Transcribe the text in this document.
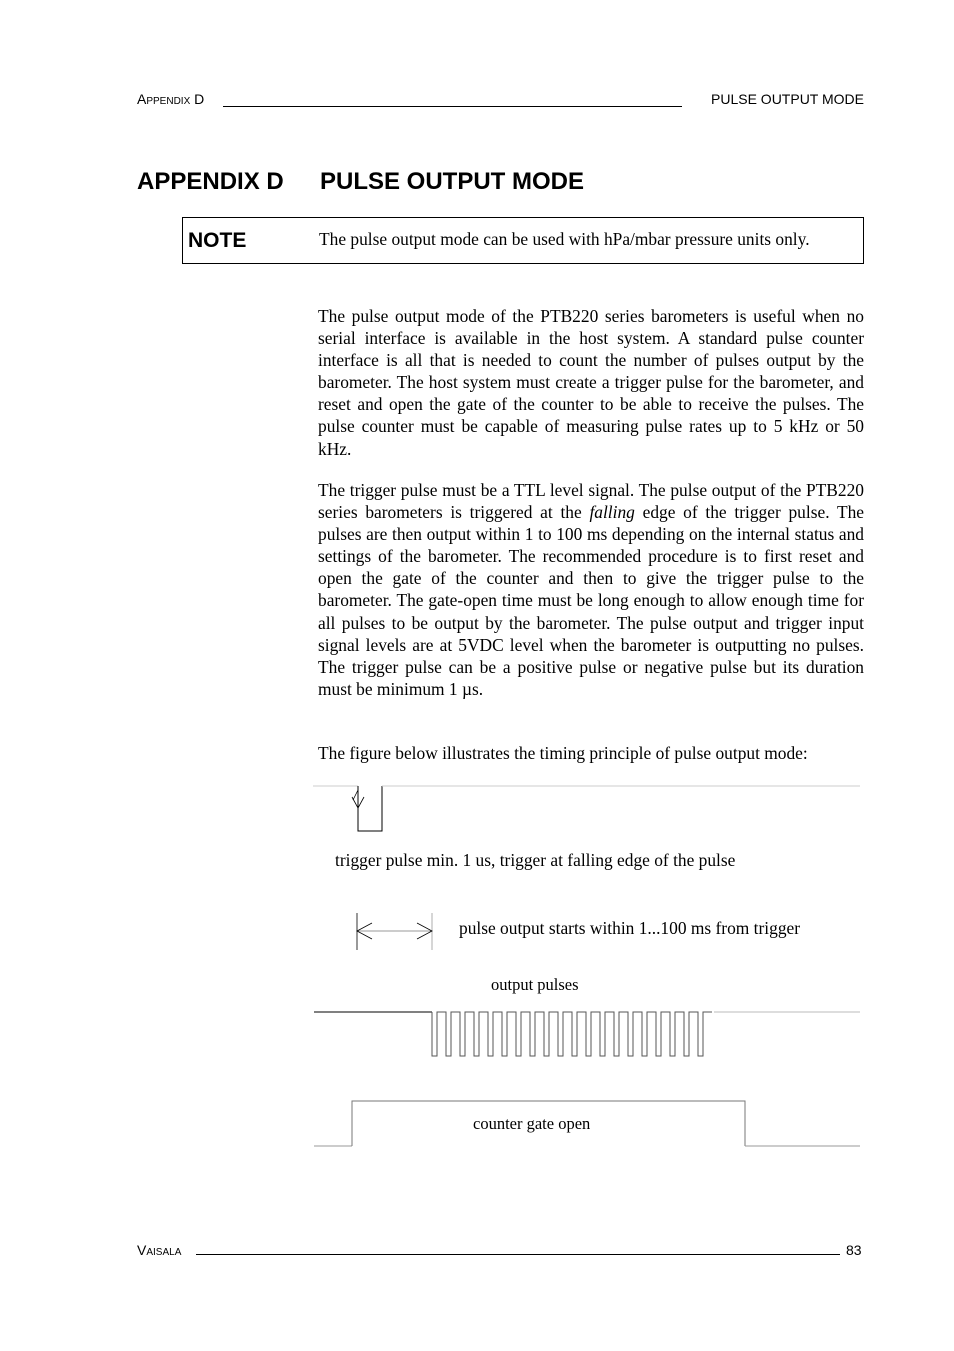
Appendix D	PULSE OUTPUT MODE
APPENDIX D PULSE OUTPUT MODE
NOTE	The pulse output mode can be used with hPa/mbar pressure units only.

The pulse output mode of the PTB220 series barometers is useful when no serial interface is available in the host system. A standard pulse counter interface is all that is needed to count the number of pulses output by the barometer. The host system must create a trigger pulse for the barometer, and reset and open the gate of the counter to be able to receive the pulses. The pulse counter must be capable of measuring pulse rates up to 5 kHz or 50 kHz.

The trigger pulse must be a TTL level signal. The pulse output of the PTB220 series barometers is triggered at the falling edge of the trigger pulse. The pulses are then output within 1 to 100 ms depending on the internal status and settings of the barometer. The recommended procedure is to first reset and open the gate of the counter and then to give the trigger pulse to the barometer. The gate-open time must be long enough to allow enough time for all pulses to be output by the barometer. The pulse output and trigger input signal levels are at 5VDC level when the barometer is outputting no pulses. The trigger pulse can be a positive pulse or negative pulse but its duration must be minimum 1 µs.

The figure below illustrates the timing principle of pulse output mode:

trigger pulse min. 1 us, trigger at falling edge of the pulse
pulse output starts within 1...100 ms from trigger
output pulses
counter gate open
Vaisala	83
